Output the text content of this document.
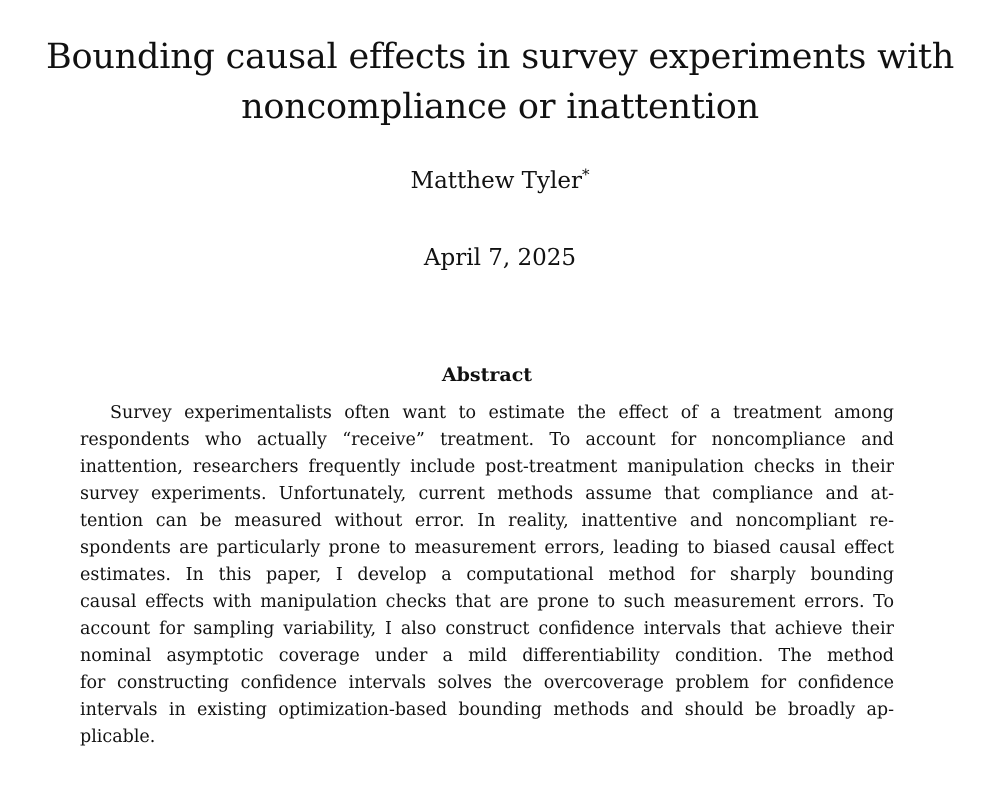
Bounding causal effects in survey experiments with
noncompliance or inattention
Matthew Tyler*
April 7, 2025
Abstract
Survey experimentalists often want to estimate the effect of a treatment among
respondents who actually “receive” treatment. To account for noncompliance and
inattention, researchers frequently include post-treatment manipulation checks in their
survey experiments. Unfortunately, current methods assume that compliance and at-
tention can be measured without error. In reality, inattentive and noncompliant re-
spondents are particularly prone to measurement errors, leading to biased causal effect
estimates. In this paper, I develop a computational method for sharply bounding
causal effects with manipulation checks that are prone to such measurement errors. To
account for sampling variability, I also construct confidence intervals that achieve their
nominal asymptotic coverage under a mild differentiability condition. The method
for constructing confidence intervals solves the overcoverage problem for confidence
intervals in existing optimization-based bounding methods and should be broadly ap-
plicable.
